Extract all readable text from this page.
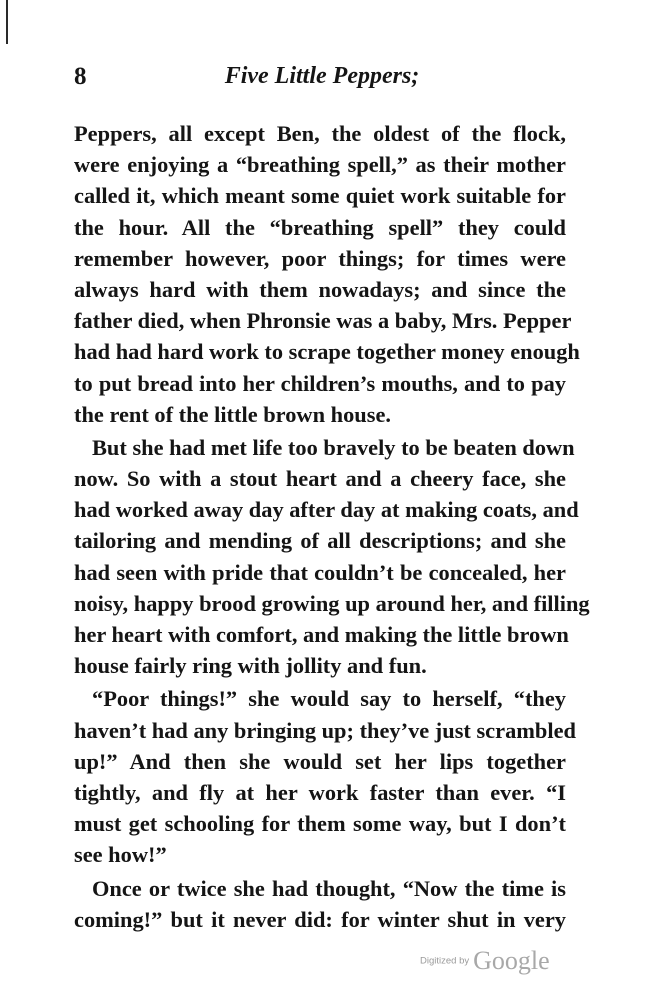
8	Five Little Peppers;
Peppers, all except Ben, the oldest of the flock,
were enjoying a “breathing spell,” as their mother
called it, which meant some quiet work suitable for
the hour. All the “breathing spell” they could
remember however, poor things; for times were
always hard with them nowadays; and since the
father died, when Phronsie was a baby, Mrs. Pepper
had had hard work to scrape together money enough
to put bread into her children’s mouths, and to pay
the rent of the little brown house.
But she had met life too bravely to be beaten down
now. So with a stout heart and a cheery face, she
had worked away day after day at making coats, and
tailoring and mending of all descriptions; and she
had seen with pride that couldn’t be concealed, her
noisy, happy brood growing up around her, and filling
her heart with comfort, and making the little brown
house fairly ring with jollity and fun.
“Poor things!” she would say to herself, “they
haven’t had any bringing up; they’ve just scrambled
up!” And then she would set her lips together
tightly, and fly at her work faster than ever. “I
must get schooling for them some way, but I don’t
see how!”
Once or twice she had thought, “Now the time is
coming!” but it never did: for winter shut in very
Digitized by Google
